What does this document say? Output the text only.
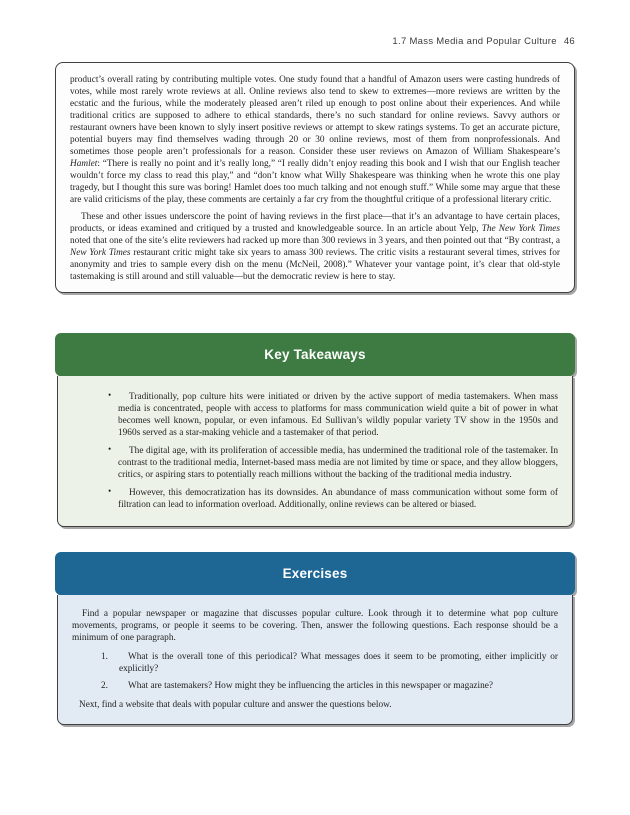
1.7 Mass Media and Popular Culture 46

product’s overall rating by contributing multiple votes. One study found that a handful of Amazon users were casting hundreds of votes, while most rarely wrote reviews at all. Online reviews also tend to skew to extremes—more reviews are written by the ecstatic and the furious, while the moderately pleased aren’t riled up enough to post online about their experiences. And while traditional critics are supposed to adhere to ethical standards, there’s no such standard for online reviews. Savvy authors or restaurant owners have been known to slyly insert positive reviews or attempt to skew ratings systems. To get an accurate picture, potential buyers may find themselves wading through 20 or 30 online reviews, most of them from nonprofessionals. And sometimes those people aren’t professionals for a reason. Consider these user reviews on Amazon of William Shakespeare’s Hamlet: “There is really no point and it’s really long,” “I really didn’t enjoy reading this book and I wish that our English teacher wouldn’t force my class to read this play,” and “don’t know what Willy Shakespeare was thinking when he wrote this one play tragedy, but I thought this sure was boring! Hamlet does too much talking and not enough stuff.” While some may argue that these are valid criticisms of the play, these comments are certainly a far cry from the thoughtful critique of a professional literary critic.

These and other issues underscore the point of having reviews in the first place—that it’s an advantage to have certain places, products, or ideas examined and critiqued by a trusted and knowledgeable source. In an article about Yelp, The New York Times noted that one of the site’s elite reviewers had racked up more than 300 reviews in 3 years, and then pointed out that “By contrast, a New York Times restaurant critic might take six years to amass 300 reviews. The critic visits a restaurant several times, strives for anonymity and tries to sample every dish on the menu (McNeil, 2008).” Whatever your vantage point, it’s clear that old-style tastemaking is still around and still valuable—but the democratic review is here to stay.

Key Takeaways
• Traditionally, pop culture hits were initiated or driven by the active support of media tastemakers. When mass media is concentrated, people with access to platforms for mass communication wield quite a bit of power in what becomes well known, popular, or even infamous. Ed Sullivan’s wildly popular variety TV show in the 1950s and 1960s served as a star-making vehicle and a tastemaker of that period.
• The digital age, with its proliferation of accessible media, has undermined the traditional role of the tastemaker. In contrast to the traditional media, Internet-based mass media are not limited by time or space, and they allow bloggers, critics, or aspiring stars to potentially reach millions without the backing of the traditional media industry.
• However, this democratization has its downsides. An abundance of mass communication without some form of filtration can lead to information overload. Additionally, online reviews can be altered or biased.
Exercises

Find a popular newspaper or magazine that discusses popular culture. Look through it to determine what pop culture movements, programs, or people it seems to be covering. Then, answer the following questions. Each response should be a minimum of one paragraph.

1. What is the overall tone of this periodical? What messages does it seem to be promoting, either implicitly or explicitly?
2. What are tastemakers? How might they be influencing the articles in this newspaper or magazine?

Next, find a website that deals with popular culture and answer the questions below.
